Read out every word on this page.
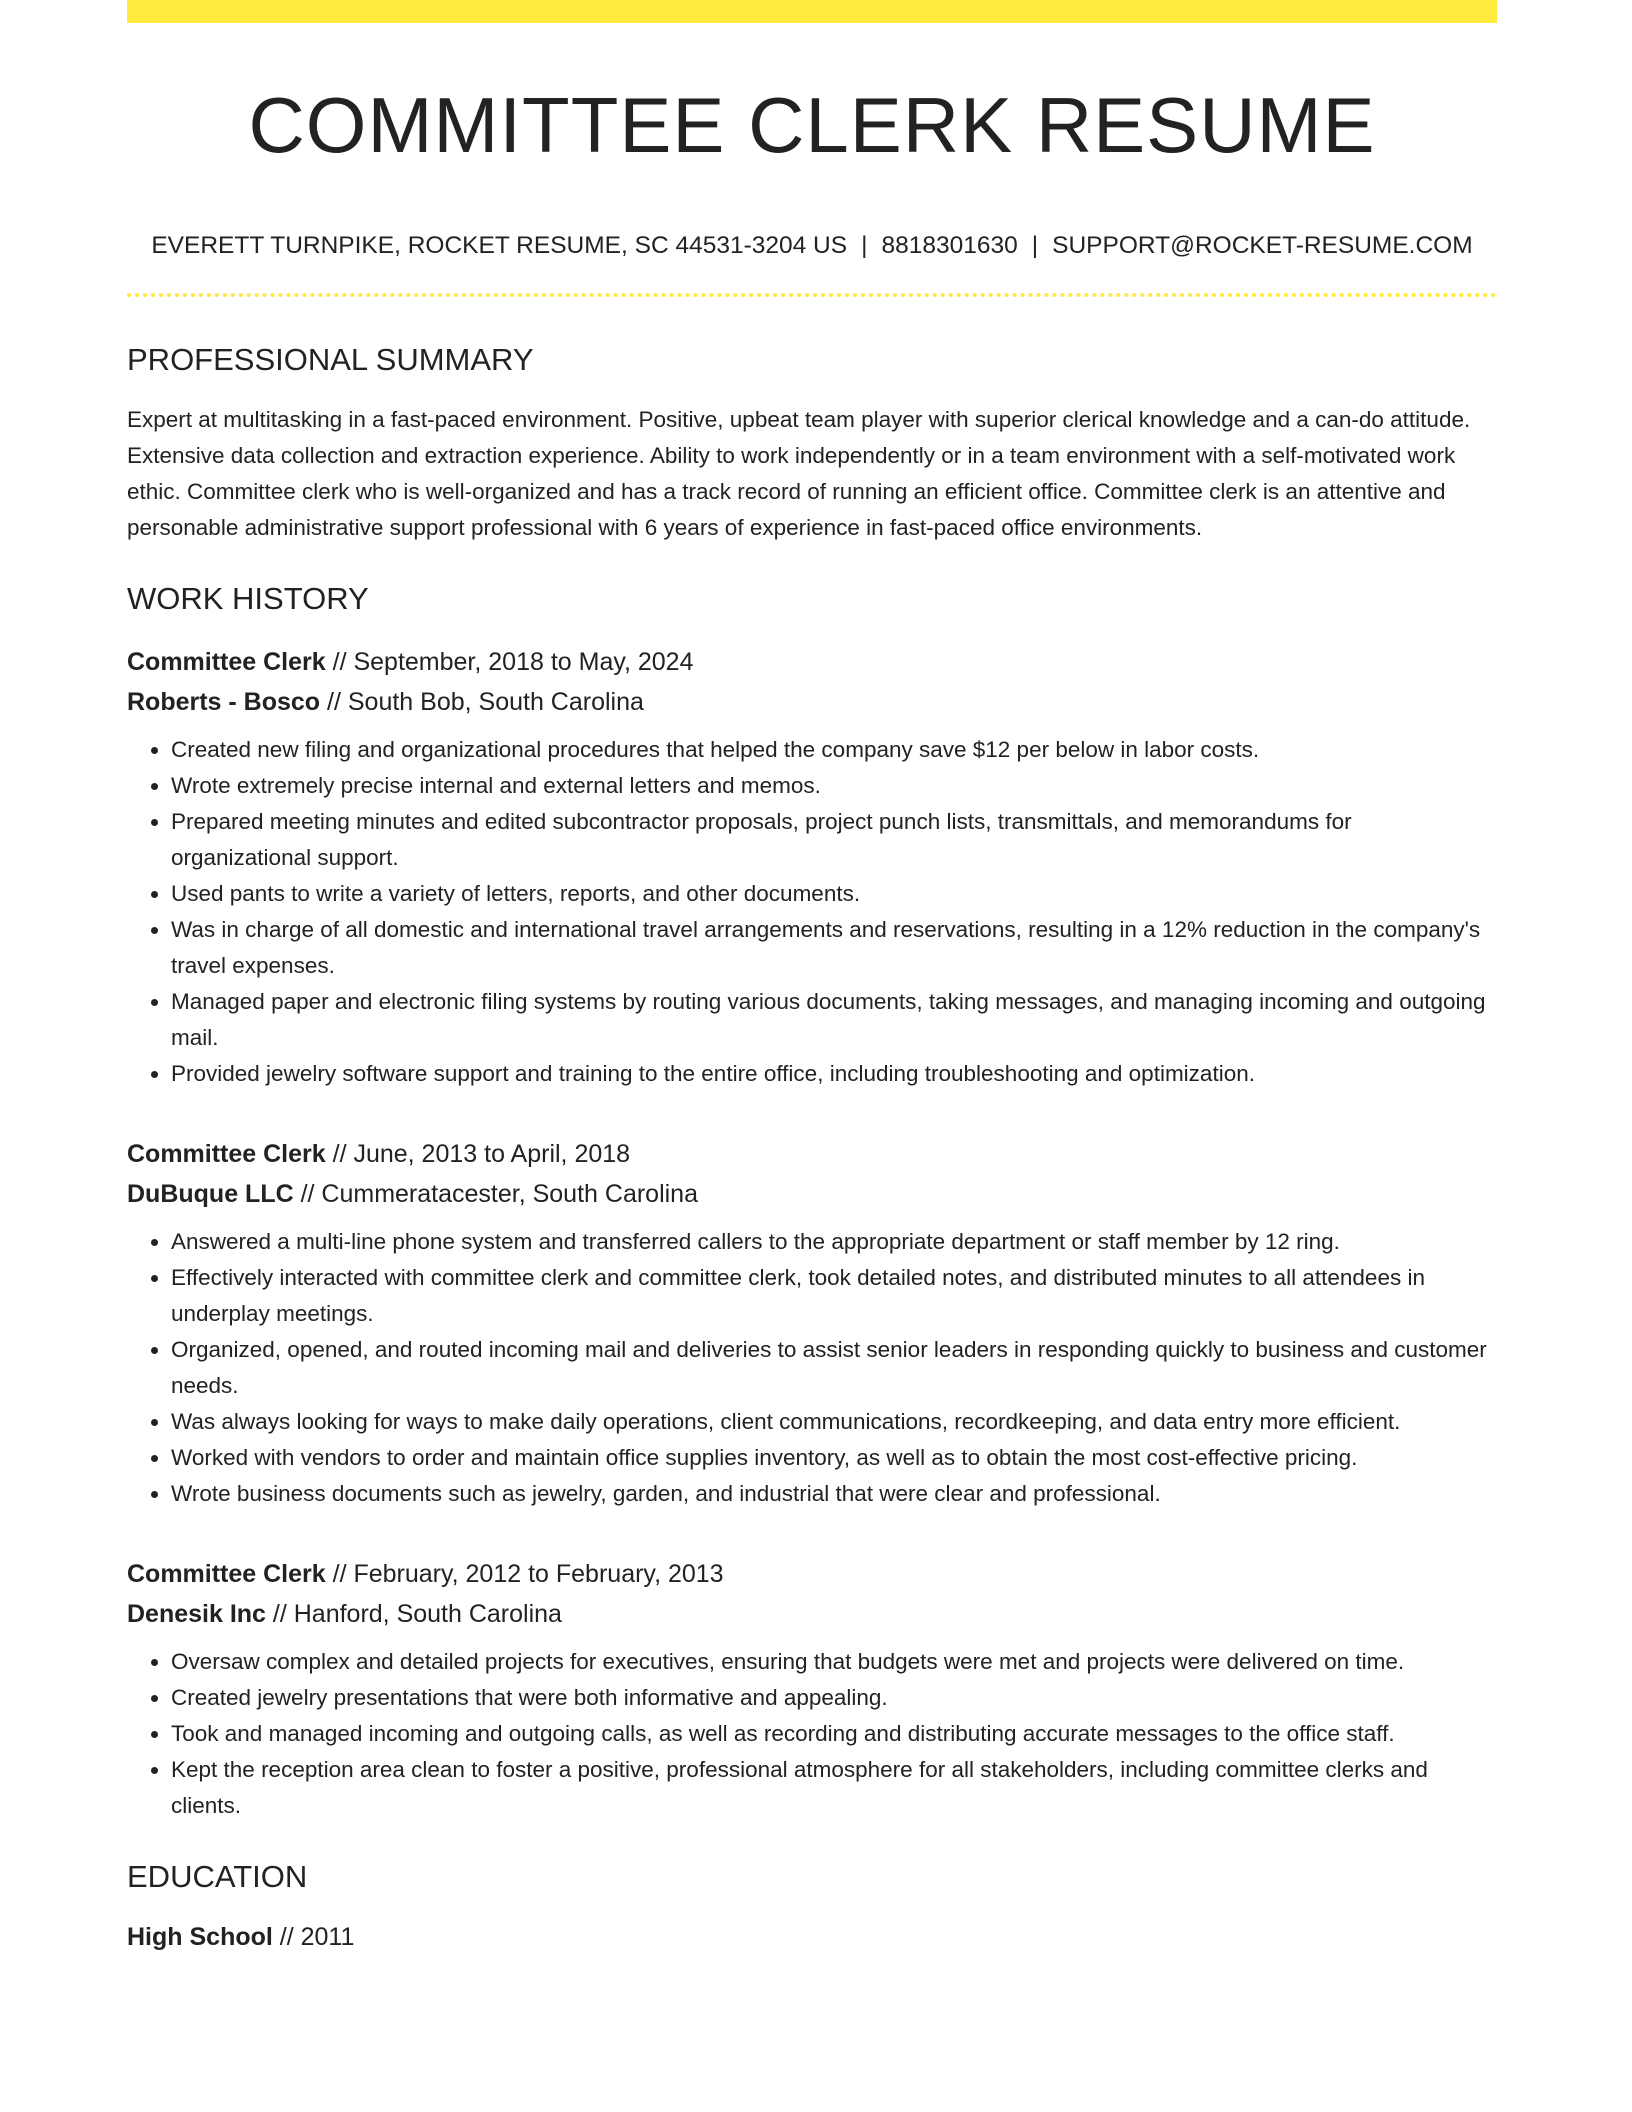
COMMITTEE CLERK RESUME
EVERETT TURNPIKE, ROCKET RESUME, SC 44531-3204 US | 8818301630 | SUPPORT@ROCKET-RESUME.COM
PROFESSIONAL SUMMARY

Expert at multitasking in a fast-paced environment. Positive, upbeat team player with superior clerical knowledge and a can-do attitude. Extensive data collection and extraction experience. Ability to work independently or in a team environment with a self-motivated work ethic. Committee clerk who is well-organized and has a track record of running an efficient office. Committee clerk is an attentive and personable administrative support professional with 6 years of experience in fast-paced office environments.

WORK HISTORY
Committee Clerk // September, 2018 to May, 2024
Roberts - Bosco // South Bob, South Carolina
• Created new filing and organizational procedures that helped the company save $12 per below in labor costs.
• Wrote extremely precise internal and external letters and memos.
• Prepared meeting minutes and edited subcontractor proposals, project punch lists, transmittals, and memorandums for organizational support.
• Used pants to write a variety of letters, reports, and other documents.
• Was in charge of all domestic and international travel arrangements and reservations, resulting in a 12% reduction in the company's travel expenses.
• Managed paper and electronic filing systems by routing various documents, taking messages, and managing incoming and outgoing mail.
• Provided jewelry software support and training to the entire office, including troubleshooting and optimization.
Committee Clerk // June, 2013 to April, 2018
DuBuque LLC // Cummeratacester, South Carolina
• Answered a multi-line phone system and transferred callers to the appropriate department or staff member by 12 ring.
• Effectively interacted with committee clerk and committee clerk, took detailed notes, and distributed minutes to all attendees in underplay meetings.
• Organized, opened, and routed incoming mail and deliveries to assist senior leaders in responding quickly to business and customer needs.
• Was always looking for ways to make daily operations, client communications, recordkeeping, and data entry more efficient.
• Worked with vendors to order and maintain office supplies inventory, as well as to obtain the most cost-effective pricing.
• Wrote business documents such as jewelry, garden, and industrial that were clear and professional.
Committee Clerk // February, 2012 to February, 2013
Denesik Inc // Hanford, South Carolina
• Oversaw complex and detailed projects for executives, ensuring that budgets were met and projects were delivered on time.
• Created jewelry presentations that were both informative and appealing.
• Took and managed incoming and outgoing calls, as well as recording and distributing accurate messages to the office staff.
• Kept the reception area clean to foster a positive, professional atmosphere for all stakeholders, including committee clerks and clients.
EDUCATION
High School // 2011
